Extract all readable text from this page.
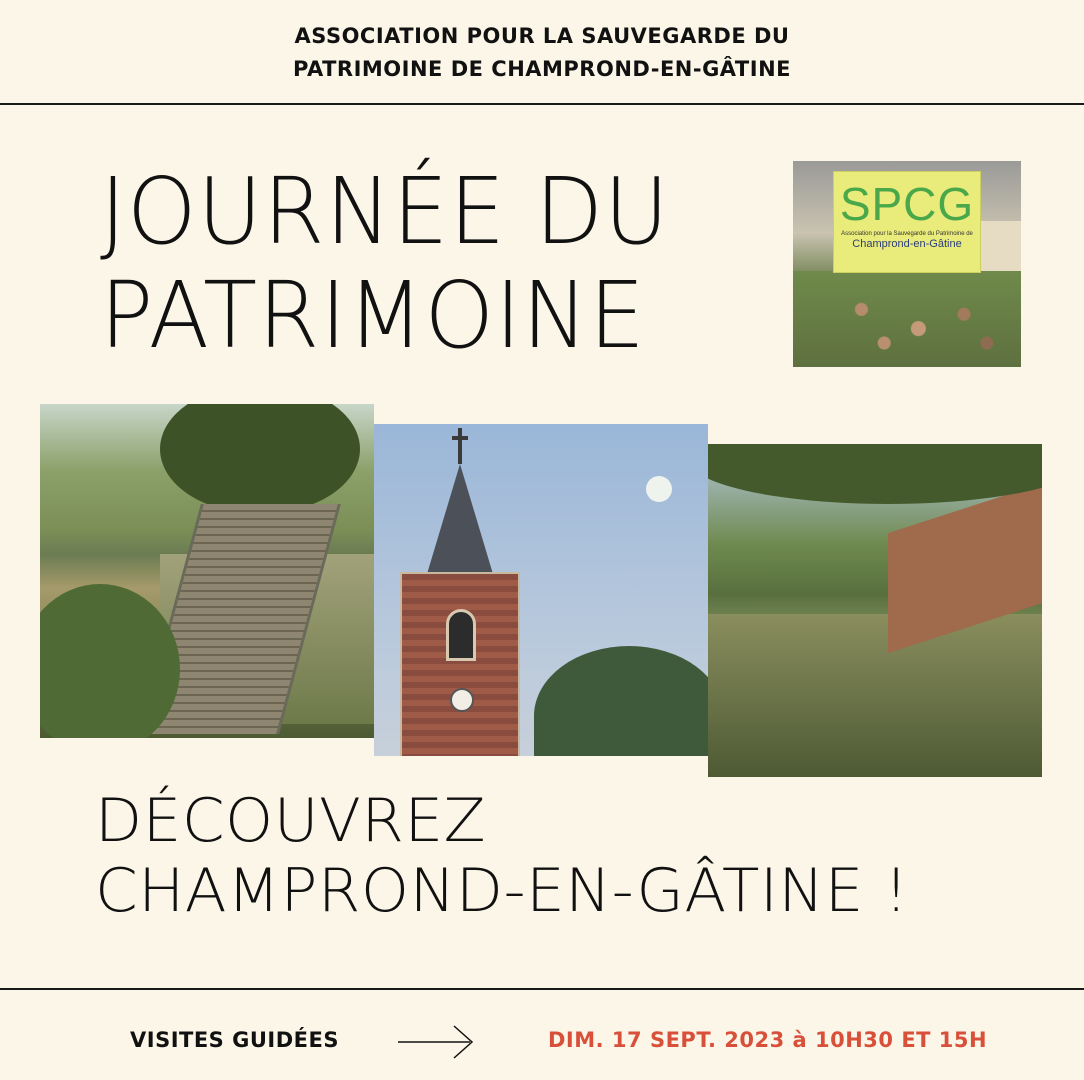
ASSOCIATION POUR LA SAUVEGARDE DU
PATRIMOINE DE CHAMPROND-EN-GÂTINE
JOURNÉE DU
PATRIMOINE
SPCG
Association pour la Sauvegarde du Patrimoine de
Champrond-en-Gâtine
DÉCOUVREZ
CHAMPROND-EN-GÂTINE !
VISITES GUIDÉES	DIM. 17 SEPT. 2023 à 10H30 ET 15H
